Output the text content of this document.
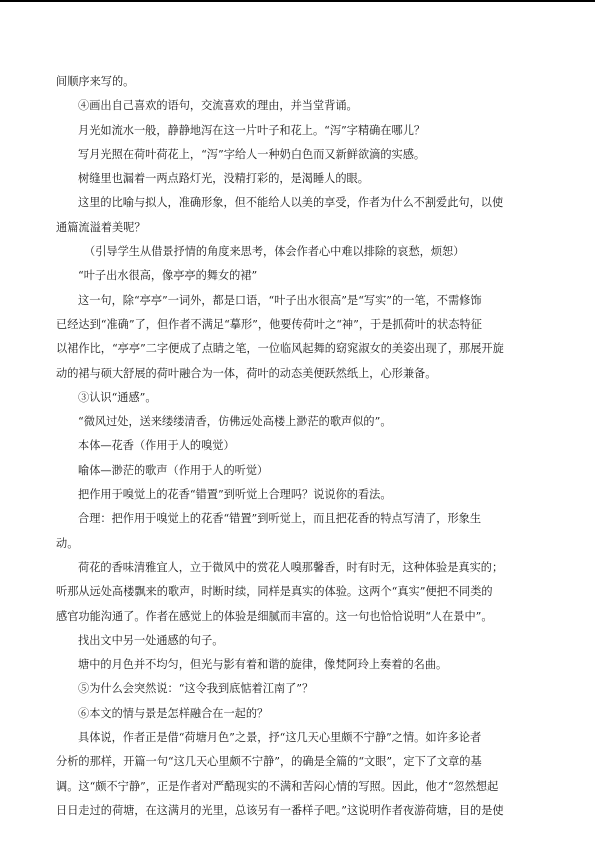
间顺序来写的。
④画出自己喜欢的语句，交流喜欢的理由，并当堂背诵。
月光如流水一般，静静地泻在这一片叶子和花上。“泻”字精确在哪儿？
写月光照在荷叶荷花上，“泻”字给人一种奶白色而又新鲜欲滴的实感。
树缝里也漏着一两点路灯光，没精打彩的，是渴睡人的眼。
这里的比喻与拟人，准确形象，但不能给人以美的享受，作者为什么不割爱此句，以使
通篇流溢着美呢？
（引导学生从借景抒情的角度来思考，体会作者心中难以排除的哀愁，烦恕）
“叶子出水很高，像亭亭的舞女的裙”
这一句，除“亭亭”一词外，都是口语，“叶子出水很高”是“写实”的一笔，不需修饰
已经达到“准确”了，但作者不满足“摹形”，他要传荷叶之“神”，于是抓荷叶的状态特征
以裙作比，“亭亭”二字便成了点睛之笔，一位临风起舞的窈窕淑女的美姿出现了，那展开旋
动的裙与硕大舒展的荷叶融合为一体，荷叶的动态美便跃然纸上，心形兼备。
③认识“通感”。
“微风过处，送来缕缕清香，仿佛远处高楼上渺茫的歌声似的”。
本体—花香（作用于人的嗅觉）
喻体—渺茫的歌声（作用于人的听觉）
把作用于嗅觉上的花香“错置”到听觉上合理吗？说说你的看法。
合理：把作用于嗅觉上的花香“错置”到听觉上，而且把花香的特点写清了，形象生
动。
荷花的香味清雅宜人，立于微风中的赏花人嗅那馨香，时有时无，这种体验是真实的；
听那从远处高楼飘来的歌声，时断时续，同样是真实的体验。这两个“真实”便把不同类的
感官功能沟通了。作者在感觉上的体验是细腻而丰富的。这一句也恰恰说明“人在景中”。
找出文中另一处通感的句子。
塘中的月色并不均匀，但光与影有着和谐的旋律，像梵阿玲上奏着的名曲。
⑤为什么会突然说：“这令我到底惦着江南了”？
⑥本文的情与景是怎样融合在一起的？
具体说，作者正是借“荷塘月色”之景，抒“这几天心里颇不宁静”之情。如许多论者
分析的那样，开篇一句“这几天心里颇不宁静”，的确是全篇的“文眼”，定下了文章的基
调。这“颇不宁静”，正是作者对严酷现实的不满和苦闷心情的写照。因此，他才“忽然想起
日日走过的荷塘，在这满月的光里，总该另有一番样子吧。”这说明作者夜游荷塘，目的是使
